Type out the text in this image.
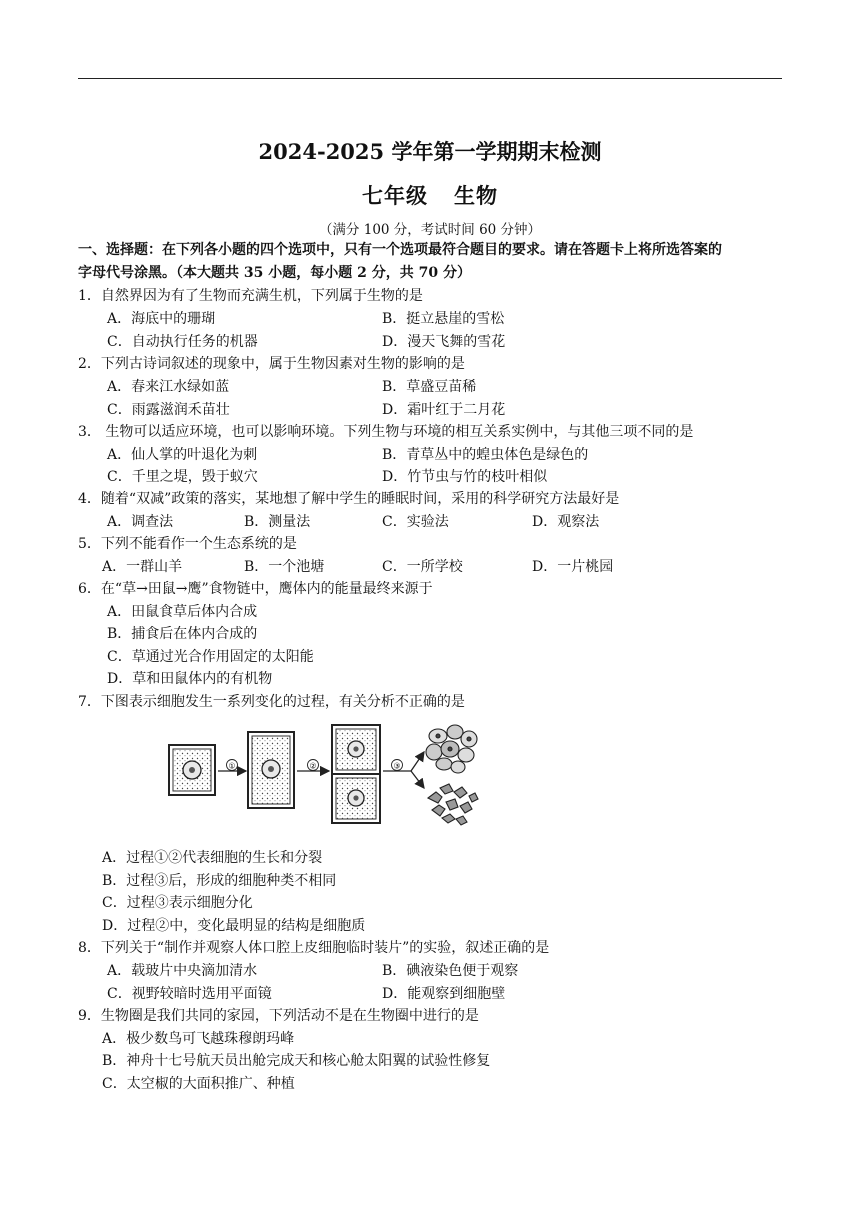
2024-2025 学年第一学期期末检测
七年级 生物
（满分 100 分，考试时间 60 分钟）
一、选择题：在下列各小题的四个选项中，只有一个选项最符合题目的要求。请在答题卡上将所选答案的
字母代号涂黑。（本大题共 35 小题，每小题 2 分，共 70 分）
1．自然界因为有了生物而充满生机，下列属于生物的是
A．海底中的珊瑚	B．挺立悬崖的雪松
C．自动执行任务的机器	D．漫天飞舞的雪花
2．下列古诗词叙述的现象中，属于生物因素对生物的影响的是
A．春来江水绿如蓝	B．草盛豆苗稀
C．雨露滋润禾苗壮	D．霜叶红于二月花
3． 生物可以适应环境，也可以影响环境。下列生物与环境的相互关系实例中，与其他三项不同的是
A．仙人掌的叶退化为刺	B．青草丛中的蝗虫体色是绿色的
C．千里之堤，毁于蚁穴	D．竹节虫与竹的枝叶相似
4．随着“双减”政策的落实，某地想了解中学生的睡眠时间，采用的科学研究方法最好是
A．调查法	B．测量法	C．实验法	D．观察法
5．下列不能看作一个生态系统的是
A．一群山羊	B．一个池塘	C．一所学校	D．一片桃园
6．在“草→田鼠→鹰”食物链中，鹰体内的能量最终来源于
A．田鼠食草后体内合成
B．捕食后在体内合成的
C．草通过光合作用固定的太阳能
D．草和田鼠体内的有机物
7．下图表示细胞发生一系列变化的过程，有关分析不正确的是
①	②	③
A．过程①②代表细胞的生长和分裂
B．过程③后，形成的细胞种类不相同
C．过程③表示细胞分化
D．过程②中，变化最明显的结构是细胞质
8．下列关于“制作并观察人体口腔上皮细胞临时装片”的实验，叙述正确的是
A．载玻片中央滴加清水	B．碘液染色便于观察
C．视野较暗时选用平面镜	D．能观察到细胞壁
9．生物圈是我们共同的家园，下列活动不是在生物圈中进行的是
A．极少数鸟可飞越珠穆朗玛峰
B．神舟十七号航天员出舱完成天和核心舱太阳翼的试验性修复
C．太空椒的大面积推广、种植
